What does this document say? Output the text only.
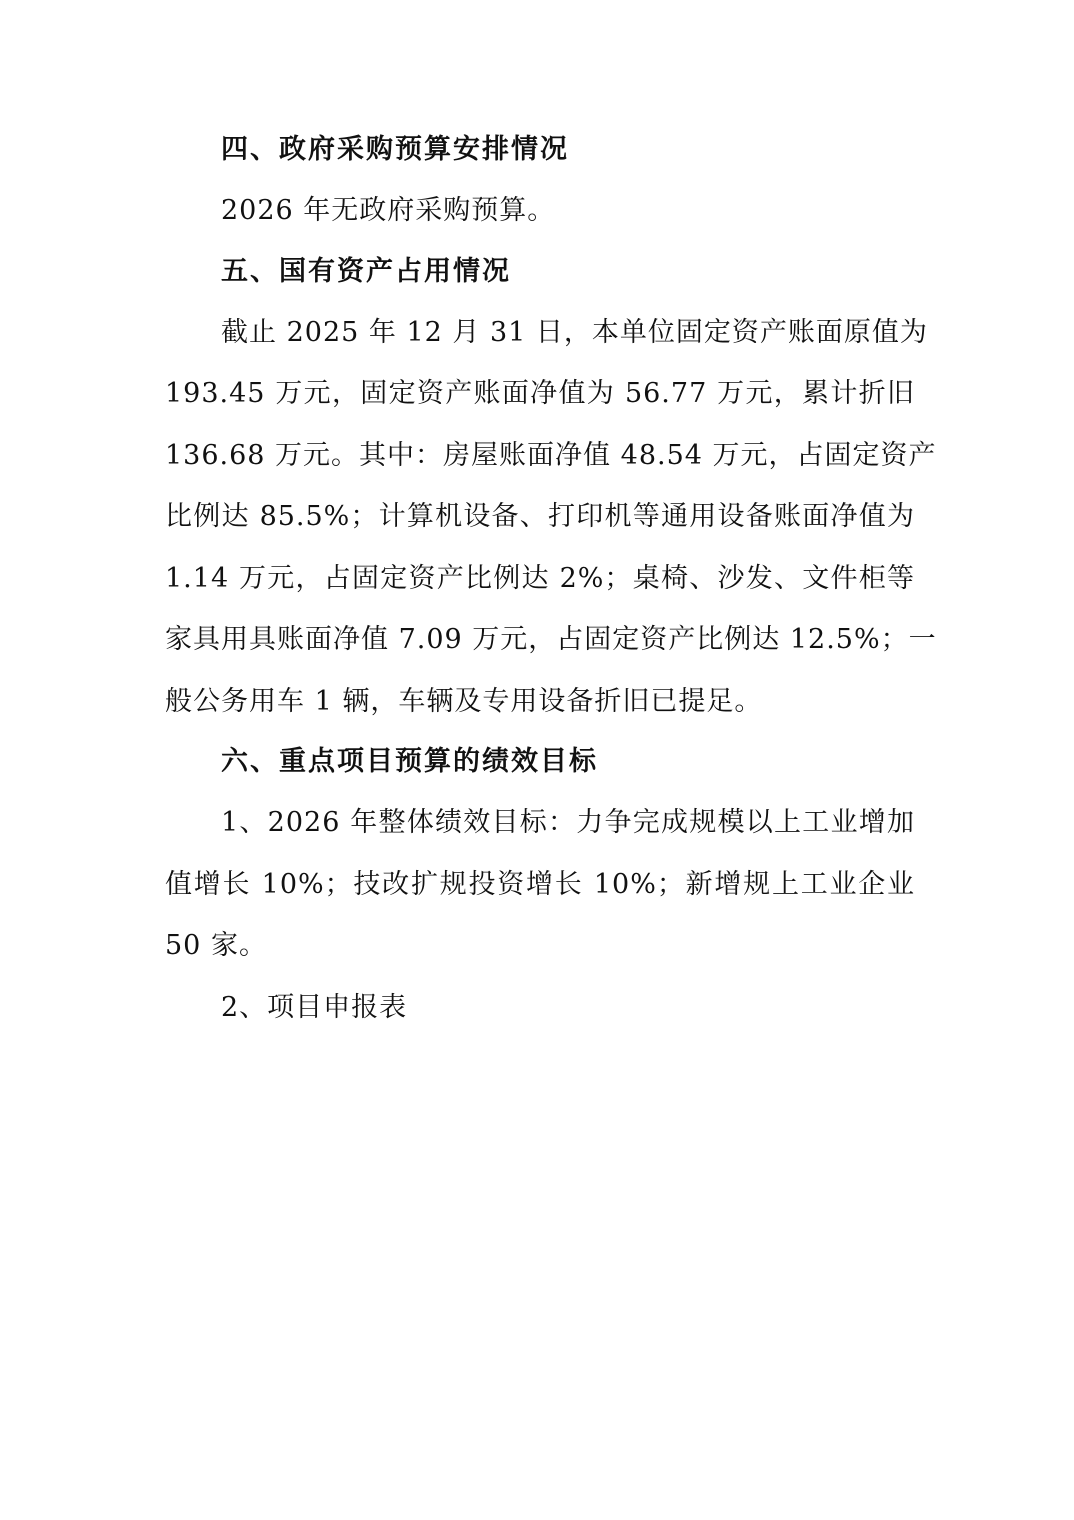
四、政府采购预算安排情况
2026 年无政府采购预算。
五、国有资产占用情况
截止 2025 年 12 月 31 日，本单位固定资产账面原值为
193.45 万元，固定资产账面净值为 56.77 万元，累计折旧
136.68 万元。其中：房屋账面净值 48.54 万元，占固定资产
比例达 85.5%；计算机设备、打印机等通用设备账面净值为
1.14 万元，占固定资产比例达 2%；桌椅、沙发、文件柜等
家具用具账面净值 7.09 万元，占固定资产比例达 12.5%；一
般公务用车 1 辆，车辆及专用设备折旧已提足。
六、重点项目预算的绩效目标
1、2026 年整体绩效目标：力争完成规模以上工业增加
值增长 10%；技改扩规投资增长 10%；新增规上工业企业
50 家。
2、项目申报表
